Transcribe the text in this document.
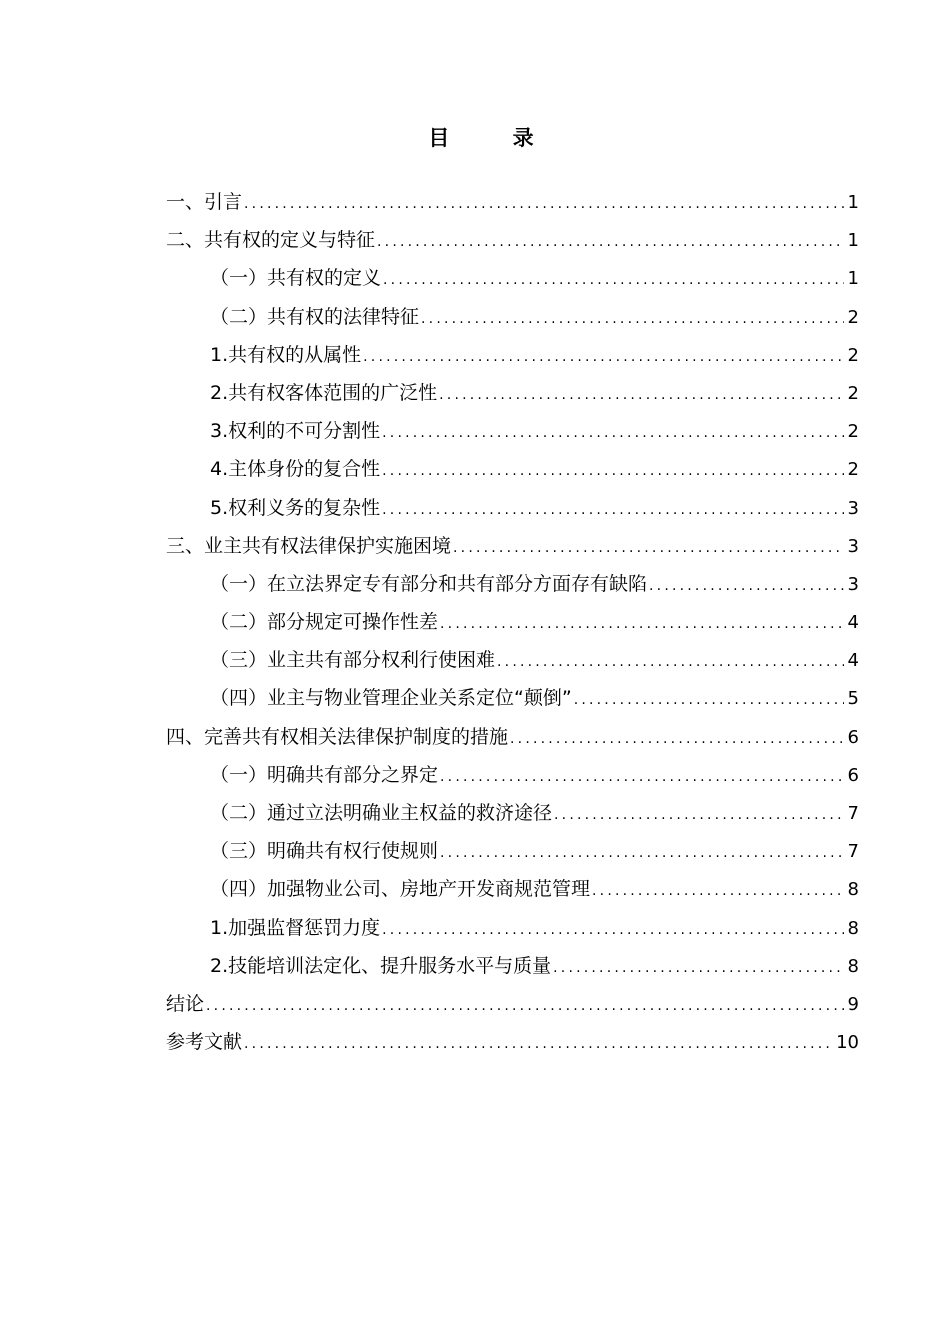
目 录
一、引言 .....	1
二、共有权的定义与特征 .....	1
（一）共有权的定义 .....	1
（二）共有权的法律特征 .....	2
1.共有权的从属性 .....	2
2.共有权客体范围的广泛性 .....	2
3.权利的不可分割性 .....	2
4.主体身份的复合性 .....	2
5.权利义务的复杂性 .....	3
三、业主共有权法律保护实施困境 .....	3
（一）在立法界定专有部分和共有部分方面存有缺陷 .....	3
（二）部分规定可操作性差 .....	4
（三）业主共有部分权利行使困难 .....	4
（四）业主与物业管理企业关系定位“颠倒” .....	5
四、完善共有权相关法律保护制度的措施 .....	6
（一）明确共有部分之界定 .....	6
（二）通过立法明确业主权益的救济途径 .....	7
（三）明确共有权行使规则 .....	7
（四）加强物业公司、房地产开发商规范管理 .....	8
1.加强监督惩罚力度 .....	8
2.技能培训法定化、提升服务水平与质量 .....	8
结论 .....	9
参考文献 .....	10
